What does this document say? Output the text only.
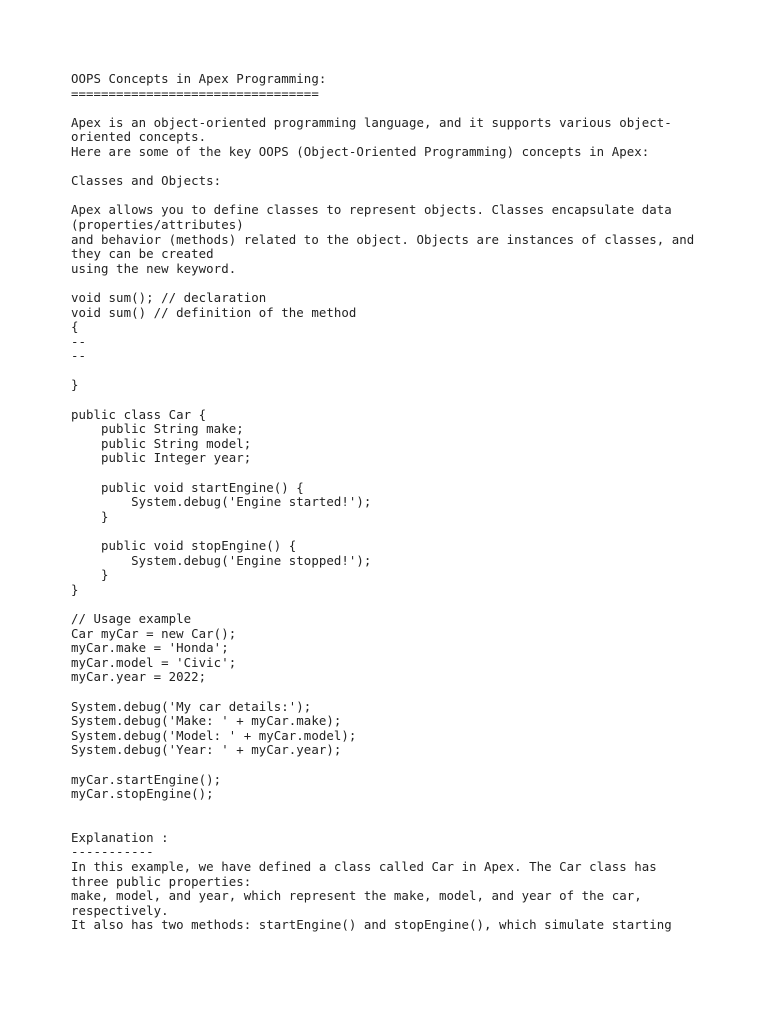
OOPS Concepts in Apex Programming:
=================================
Apex is an object-oriented programming language, and it supports various object-
oriented concepts.
Here are some of the key OOPS (Object-Oriented Programming) concepts in Apex:
Classes and Objects:
Apex allows you to define classes to represent objects. Classes encapsulate data
(properties/attributes)
and behavior (methods) related to the object. Objects are instances of classes, and
they can be created
using the new keyword.
void sum(); // declaration
void sum() // definition of the method
{
--
--
}
public class Car {
public String make;
public String model;
public Integer year;
public void startEngine() {
System.debug('Engine started!');
}
public void stopEngine() {
System.debug('Engine stopped!');
}
}
// Usage example
Car myCar = new Car();
myCar.make = 'Honda';
myCar.model = 'Civic';
myCar.year = 2022;
System.debug('My car details:');
System.debug('Make: ' + myCar.make);
System.debug('Model: ' + myCar.model);
System.debug('Year: ' + myCar.year);
myCar.startEngine();
myCar.stopEngine();
Explanation :
-----------
In this example, we have defined a class called Car in Apex. The Car class has
three public properties:
make, model, and year, which represent the make, model, and year of the car,
respectively.
It also has two methods: startEngine() and stopEngine(), which simulate starting
